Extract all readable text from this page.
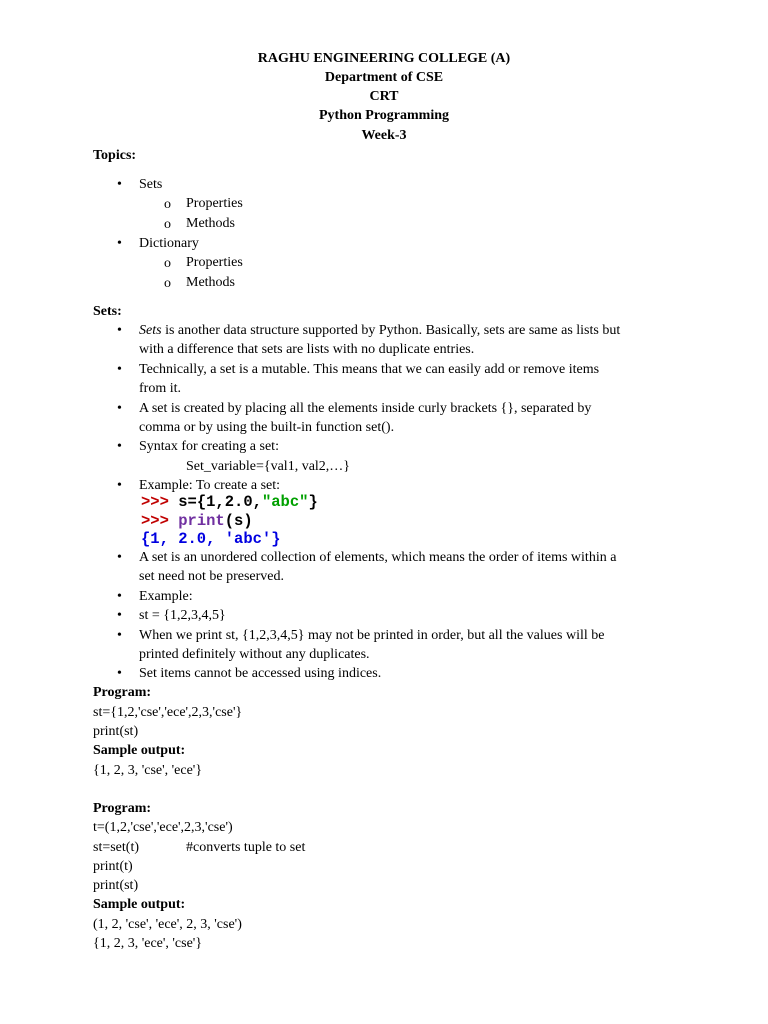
RAGHU ENGINEERING COLLEGE (A)
Department of CSE
CRT
Python Programming
Week-3
Topics:
• Sets
o Properties
o Methods
• Dictionary
o Properties
o Methods
Sets:
• Sets is another data structure supported by Python. Basically, sets are same as lists but
with a difference that sets are lists with no duplicate entries.
• Technically, a set is a mutable. This means that we can easily add or remove items
from it.
• A set is created by placing all the elements inside curly brackets {}, separated by
comma or by using the built-in function set().
• Syntax for creating a set:
Set_variable={val1, val2,…}
• Example: To create a set:
>>> s={1,2.0,"abc"}
>>> print(s)
{1, 2.0, 'abc'}
• A set is an unordered collection of elements, which means the order of items within a
set need not be preserved.
• Example:
• st = {1,2,3,4,5}
• When we print st, {1,2,3,4,5} may not be printed in order, but all the values will be
printed definitely without any duplicates.
• Set items cannot be accessed using indices.
Program:
st={1,2,'cse','ece',2,3,'cse'}
print(st)
Sample output:
{1, 2, 3, 'cse', 'ece'}
Program:
t=(1,2,'cse','ece',2,3,'cse')
st=set(t)	#converts tuple to set
print(t)
print(st)
Sample output:
(1, 2, 'cse', 'ece', 2, 3, 'cse')
{1, 2, 3, 'ece', 'cse'}
